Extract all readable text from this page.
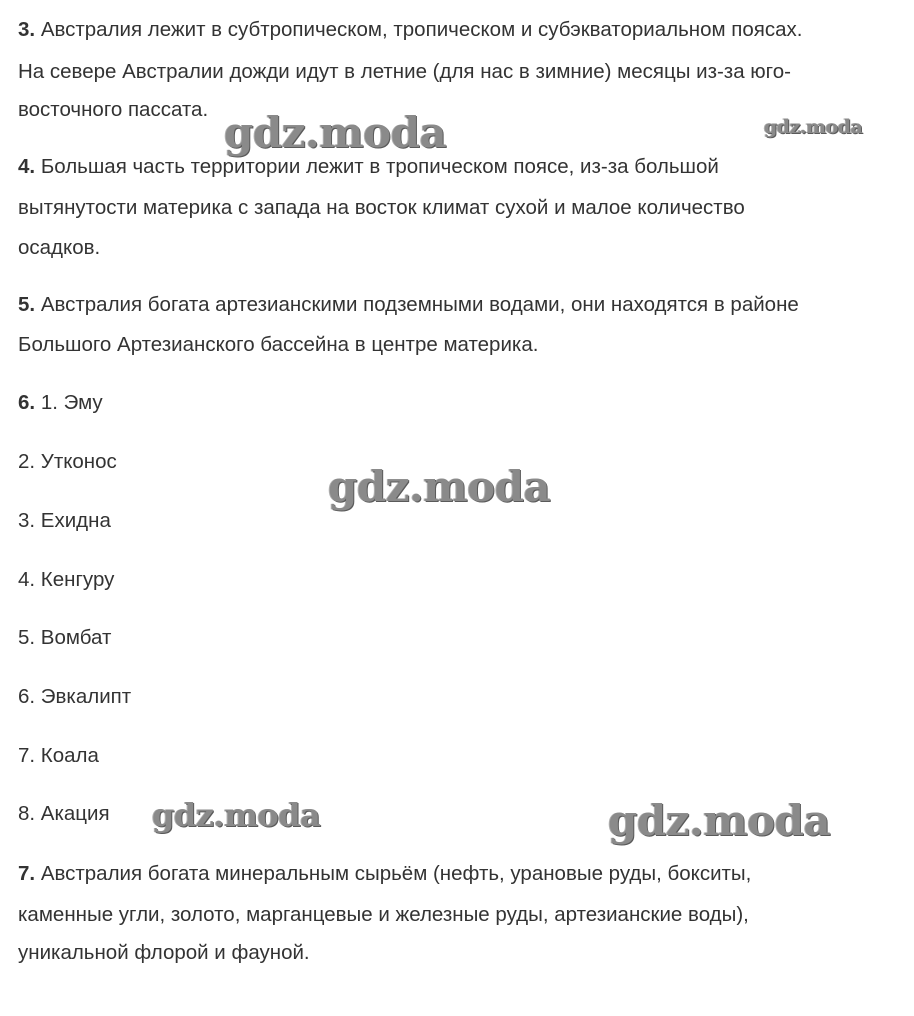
3. Австралия лежит в субтропическом, тропическом и субэкваториальном поясах.
На севере Австралии дожди идут в летние (для нас в зимние) месяцы из-за юго-
восточного пассата.
4. Большая часть территории лежит в тропическом поясе, из-за большой
вытянутости материка с запада на восток климат сухой и малое количество
осадков.
5. Австралия богата артезианскими подземными водами, они находятся в районе
Большого Артезианского бассейна в центре материка.
6. 1. Эму
2. Утконос
3. Ехидна
4. Кенгуру
5. Вомбат
6. Эвкалипт
7. Коала
8. Акация
7. Австралия богата минеральным сырьём (нефть, урановые руды, бокситы,
каменные угли, золото, марганцевые и железные руды, артезианские воды),
уникальной флорой и фауной.
gdz.moda	gdz.moda
gdz.moda
gdz.moda	gdz.moda
